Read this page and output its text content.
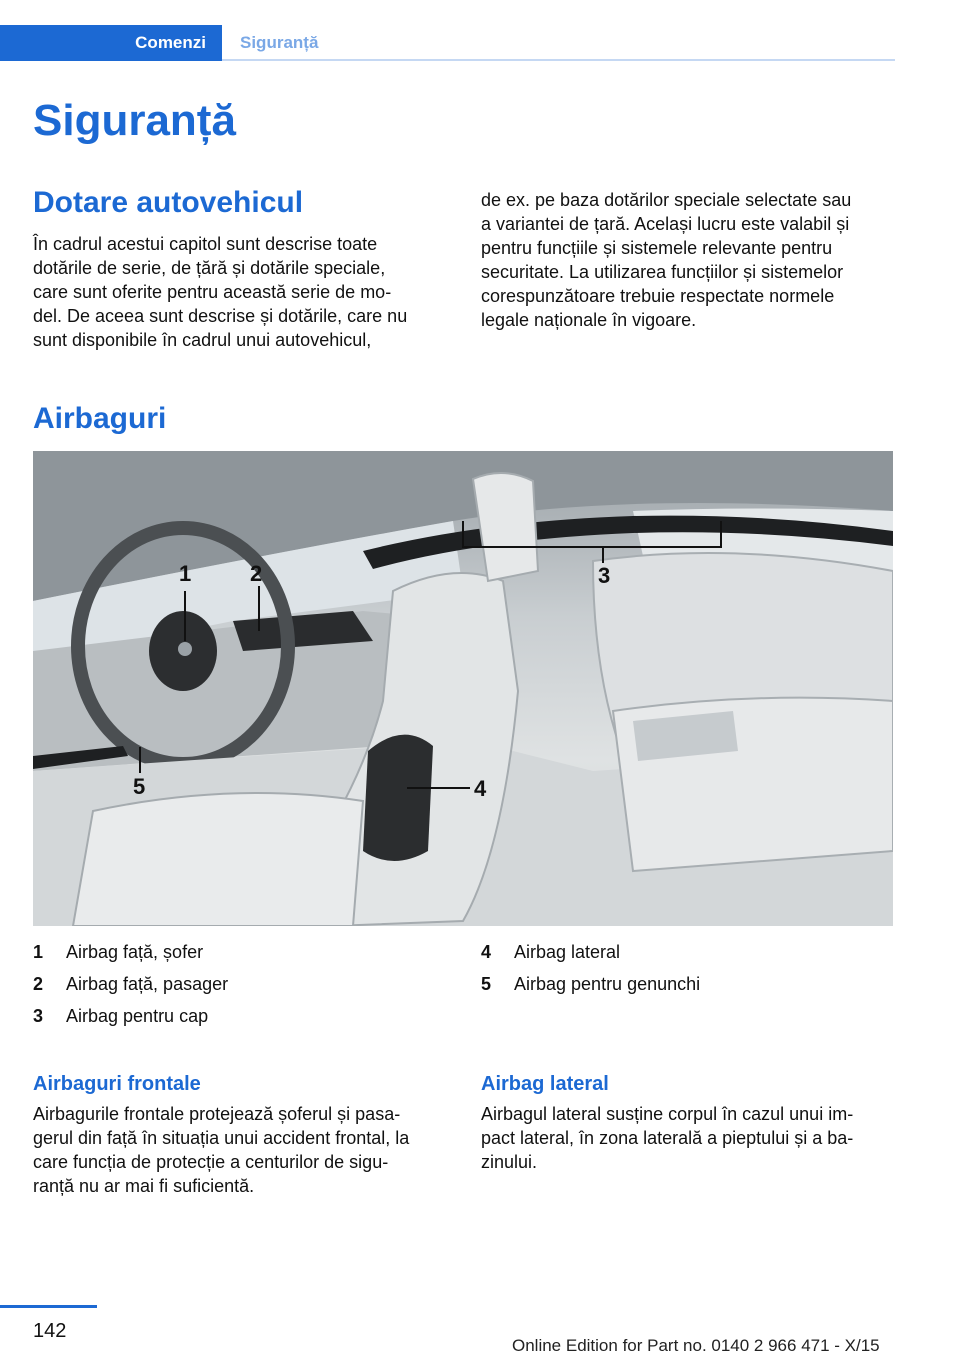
Comenzi	Siguranță
Siguranță
Dotare autovehicul
În cadrul acestui capitol sunt descrise toate
dotările de serie, de țără și dotările speciale,
care sunt oferite pentru această serie de mo‐
del. De aceea sunt descrise și dotările, care nu
sunt disponibile în cadrul unui autovehicul,
de ex. pe baza dotărilor speciale selectate sau
a variantei de țară. Același lucru este valabil și
pentru funcțiile și sistemele relevante pentru
securitate. La utilizarea funcțiilor și sistemelor
corespunzătoare trebuie respectate normele
legale naționale în vigoare.
Airbaguri
1	2	3
4
5
1	Airbag față, șofer
2	Airbag față, pasager
3	Airbag pentru cap
4	Airbag lateral
5	Airbag pentru genunchi
Airbaguri frontale
Airbagurile frontale protejează șoferul și pasa‐
gerul din față în situația unui accident frontal, la
care funcția de protecție a centurilor de sigu‐
ranță nu ar mai fi suficientă.
Airbag lateral
Airbagul lateral susține corpul în cazul unui im‐
pact lateral, în zona laterală a pieptului și a ba‐
zinului.
142
Online Edition for Part no. 0140 2 966 471 - X/15
